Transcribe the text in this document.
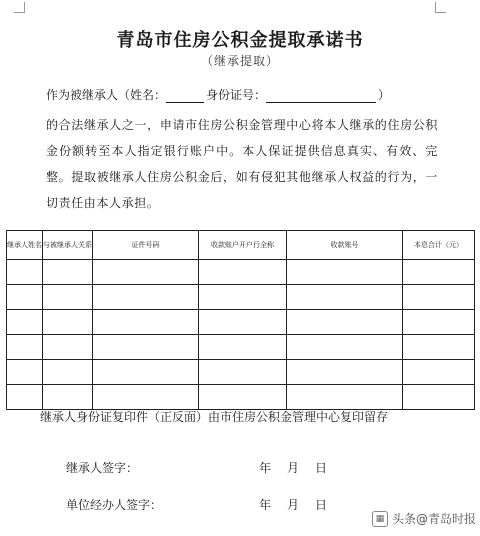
青岛市住房公积金提取承诺书
（继承提取）
作为被继承人（姓名：	身份证号：	）
的合法继承人之一，申请市住房公积金管理中心将本人继承的住房公积金份额转至本人指定银行账户中。本人保证提供信息真实、有效、完整。提取被继承人住房公积金后，如有侵犯其他继承人权益的行为，一切责任由本人承担。
继承人姓名	与被继承人关系	证件号码	收款账户开户行全称	收款账号	本息合计（元）

继承人身份证复印件（正反面）由市住房公积金管理中心复印留存
继承人签字：	年 月 日
单位经办人签字：	年 月 日
▦ 头条@青岛时报
